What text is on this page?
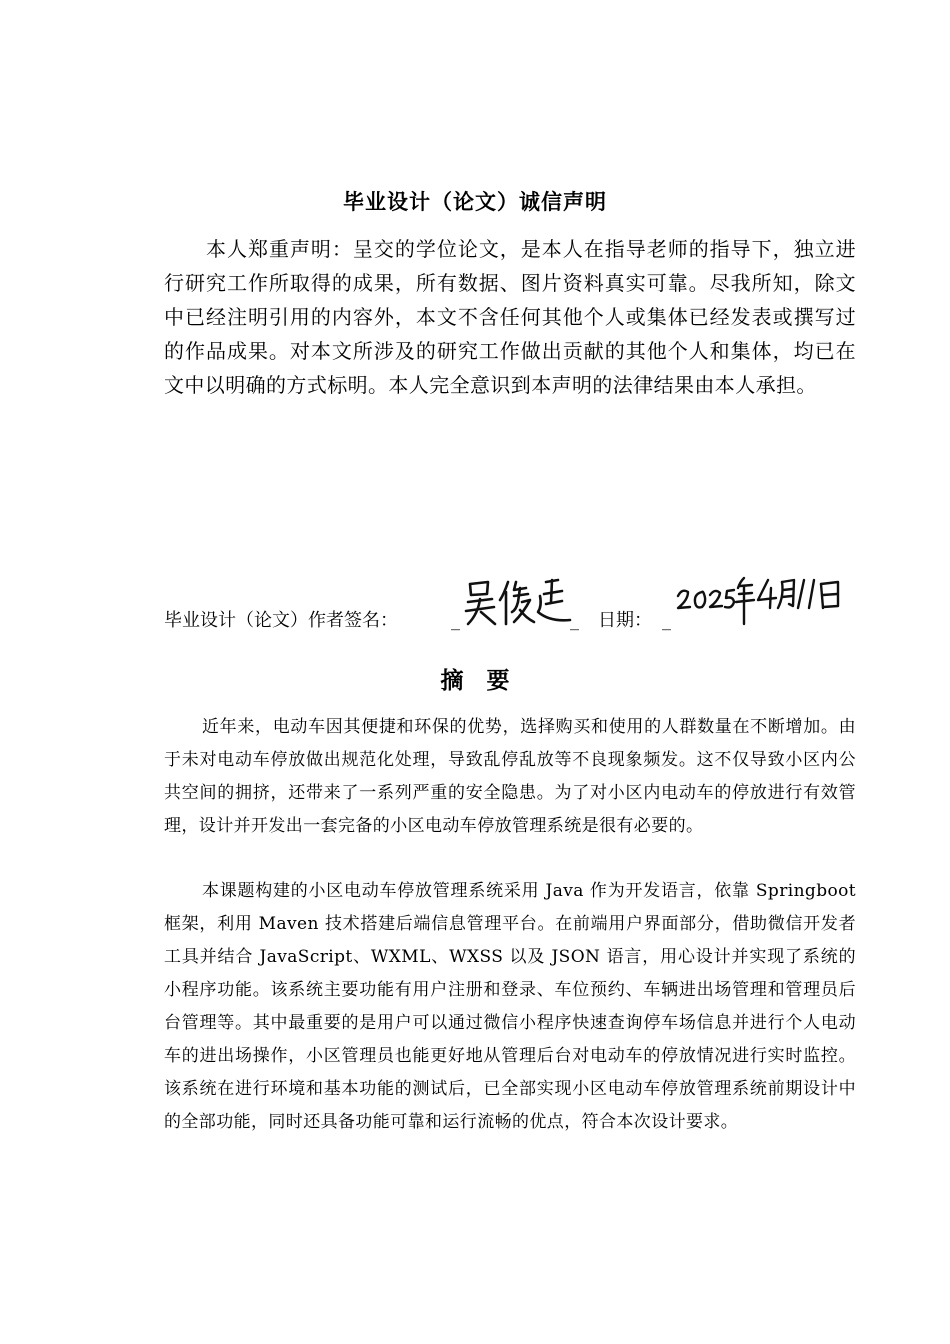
毕业设计（论文）诚信声明

本人郑重声明：呈交的学位论文，是本人在指导老师的指导下，独立进行研究工作所取得的成果，所有数据、图片资料真实可靠。尽我所知，除文中已经注明引用的内容外，本文不含任何其他个人或集体已经发表或撰写过的作品成果。对本文所涉及的研究工作做出贡献的其他个人和集体，均已在文中以明确的方式标明。本人完全意识到本声明的法律结果由本人承担。

毕业设计（论文）作者签名：	_	_ 日期： _
摘　要

近年来，电动车因其便捷和环保的优势，选择购买和使用的人群数量在不断增加。由于未对电动车停放做出规范化处理，导致乱停乱放等不良现象频发。这不仅导致小区内公共空间的拥挤，还带来了一系列严重的安全隐患。为了对小区内电动车的停放进行有效管理，设计并开发出一套完备的小区电动车停放管理系统是很有必要的。

本课题构建的小区电动车停放管理系统采用 Java 作为开发语言，依靠 Springboot 框架，利用 Maven 技术搭建后端信息管理平台。在前端用户界面部分，借助微信开发者工具并结合 JavaScript、WXML、WXSS 以及 JSON 语言，用心设计并实现了系统的小程序功能。该系统主要功能有用户注册和登录、车位预约、车辆进出场管理和管理员后台管理等。其中最重要的是用户可以通过微信小程序快速查询停车场信息并进行个人电动车的进出场操作，小区管理员也能更好地从管理后台对电动车的停放情况进行实时监控。该系统在进行环境和基本功能的测试后，已全部实现小区电动车停放管理系统前期设计中的全部功能，同时还具备功能可靠和运行流畅的优点，符合本次设计要求。
